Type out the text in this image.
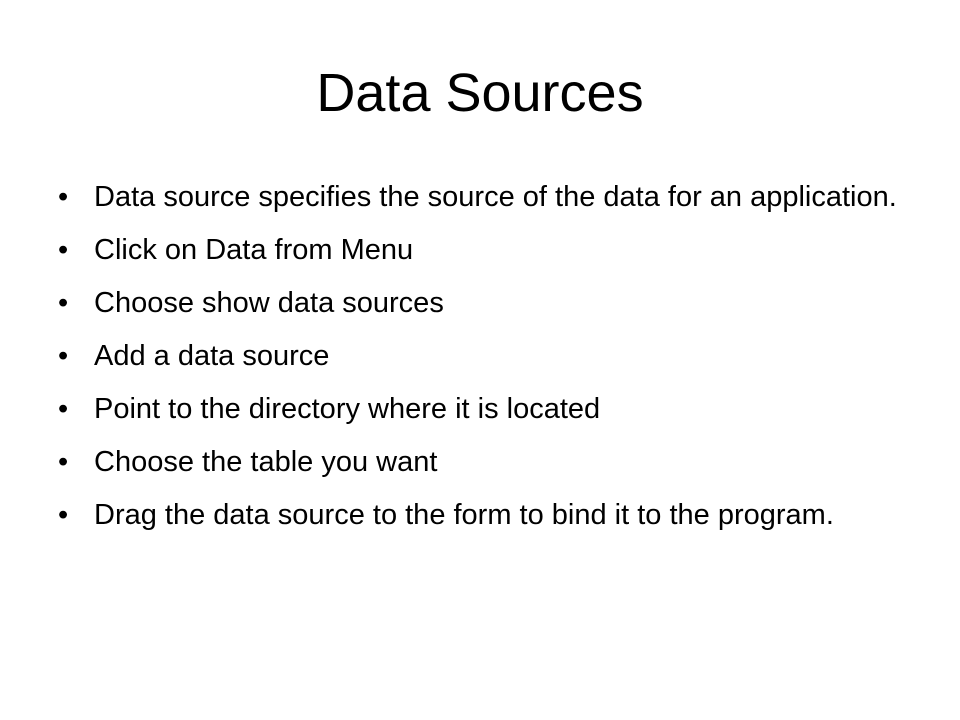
Data Sources
• Data source specifies the source of the data for an application.
• Click on Data from Menu
• Choose show data sources
• Add a data source
• Point to the directory where it is located
• Choose the table you want
• Drag the data source to the form to bind it to the program.
